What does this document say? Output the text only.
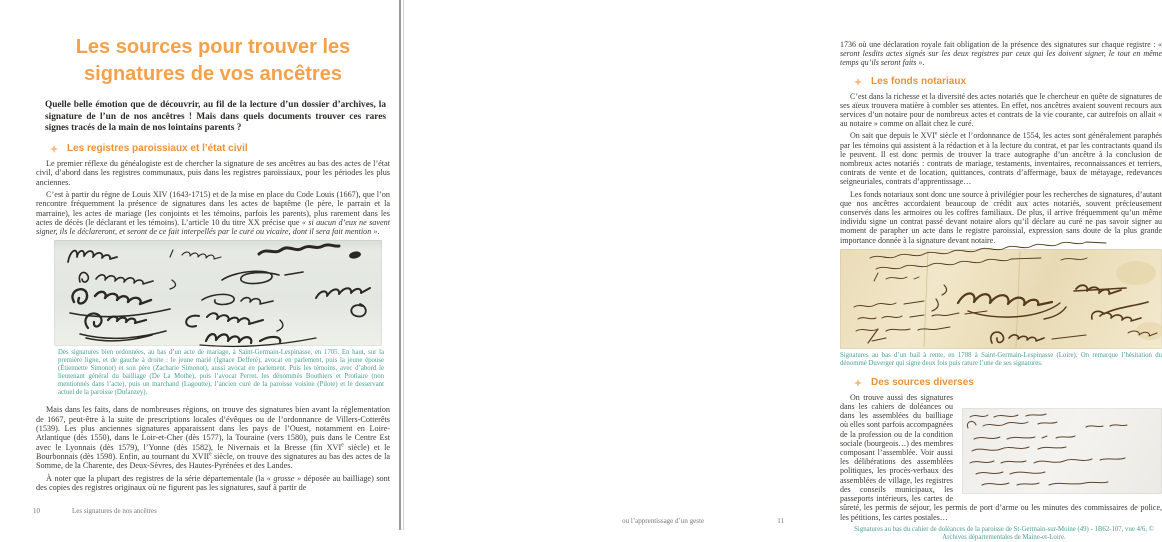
Les sources pour trouver les
signatures de vos ancêtres
Quelle belle émotion que de découvrir, au fil de la lecture d’un dossier d’archives, la signature de l’un de nos ancêtres ! Mais dans quels documents trouver ces rares signes tracés de la main de nos lointains parents ?
Les registres paroissiaux et l’état civil
Le premier réflexe du généalogiste est de chercher la signature de ses ancêtres au bas des actes de l’état civil, d’abord dans les registres communaux, puis dans les registres paroissiaux, pour les périodes les plus anciennes.
C’est à partir du règne de Louis XIV (1643-1715) et de la mise en place du Code Louis (1667), que l’on rencontre fréquemment la présence de signatures dans les actes de baptême (le père, le parrain et la marraine), les actes de mariage (les conjoints et les témoins, parfois les parents), plus rarement dans les actes de décès (le déclarant et les témoins). L’article 10 du titre XX précise que « si aucun d’eux ne savent signer, ils le déclareront, et seront de ce fait interpellés par le curé ou vicaire, dont il sera fait mention ».
Des signatures bien ordonnées, au bas d’un acte de mariage, à Saint-Germain-Lespinasse, en 1705. En haut, sur la première ligne, et de gauche à droite : le jeune marié (Ignace Defferé), avocat en parlement, puis la jeune épouse (Étiennette Simonot) et son père (Zacharie Simonot), aussi avocat en parlement. Puis les témoins, avec d’abord le lieutenant général du bailliage (De La Mothe), puis l’avocat Perret, les dénommés Bouthiers et Protlaire (non mentionnés dans l’acte), puis un marchand (Lagoutte), l’ancien curé de la paroisse voisine (Pilote) et le desservant actuel de la paroisse (Dufanzey).
Mais dans les faits, dans de nombreuses régions, on trouve des signatures bien avant la réglementation de 1667, peut-être à la suite de prescriptions locales d’évêques ou de l’ordonnance de Villers-Cotterêts (1539). Les plus anciennes signatures apparaissent dans les pays de l’Ouest, notamment en Loire-Atlantique (dès 1550), dans le Loir-et-Cher (dès 1577), la Touraine (vers 1580), puis dans le Centre Est avec le Lyonnais (dès 1579), l’Yonne (dès 1582), le Nivernais et la Bresse (fin XVIe siècle) et le Bourbonnais (dès 1598). Enfin, au tournant du XVIIe siècle, on trouve des signatures au bas des actes de la Somme, de la Charente, des Deux-Sèvres, des Hautes-Pyrénées et des Landes.
À noter que la plupart des registres de la série départementale (la « grosse » déposée au bailliage) sont des copies des registres originaux où ne figurent pas les signatures, sauf à partir de
10	Les signatures de nos ancêtres
1736 où une déclaration royale fait obligation de la présence des signatures sur chaque registre : « seront lesdits actes signés sur les deux registres par ceux qui les doivent signer, le tout en même temps qu’ils seront faits ».
Les fonds notariaux
C’est dans la richesse et la diversité des actes notariés que le chercheur en quête de signatures de ses aïeux trouvera matière à combler ses attentes. En effet, nos ancêtres avaient souvent recours aux services d’un notaire pour de nombreux actes et contrats de la vie courante, car autrefois on allait « au notaire » comme on allait chez le curé.
On sait que depuis le XVIe siècle et l’ordonnance de 1554, les actes sont généralement paraphés par les témoins qui assistent à la rédaction et à la lecture du contrat, et par les contractants quand ils le peuvent. Il est donc permis de trouver la trace autographe d’un ancêtre à la conclusion de nombreux actes notariés : contrats de mariage, testaments, inventaires, reconnaissances et terriers, contrats de vente et de location, quittances, contrats d’affermage, baux de métayage, redevances seigneuriales, contrats d’apprentissage…
Les fonds notariaux sont donc une source à privilégier pour les recherches de signatures, d’autant que nos ancêtres accordaient beaucoup de crédit aux actes notariés, souvent précieusement conservés dans les armoires ou les coffres familiaux. De plus, il arrive fréquemment qu’un même individu signe un contrat passé devant notaire alors qu’il déclare au curé ne pas savoir signer au moment de parapher un acte dans le registre paroissial, expression sans doute de la plus grande importance donnée à la signature devant notaire.
Signatures au bas d’un bail à rente, en 1788 à Saint-Germain-Lespinasse (Loire). On remarque l’hésitation du dénommé Duverger qui signe deux fois puis rature l’une de ses signatures.
Des sources diverses
On trouve aussi des signatures dans les cahiers de doléances ou dans les assemblées du bailliage où elles sont parfois accompagnées de la profession ou de la condition sociale (bourgeois…) des membres composant l’assemblée. Voir aussi les délibérations des assemblées politiques, les procès-verbaux des assemblées de village, les registres des conseils municipaux, les passeports intérieurs, les cartes de sûreté, les permis de séjour, les permis de port d’arme ou les minutes des commissaires de police, les pétitions, les cartes postales…
Signatures au bas du cahier de doléances de la paroisse de St-Germain-sur-Moine (49) - 1B62-107, vue 4/6, © Archives départementales de Maine-et-Loire.
ou l’apprentissage d’un geste	11
